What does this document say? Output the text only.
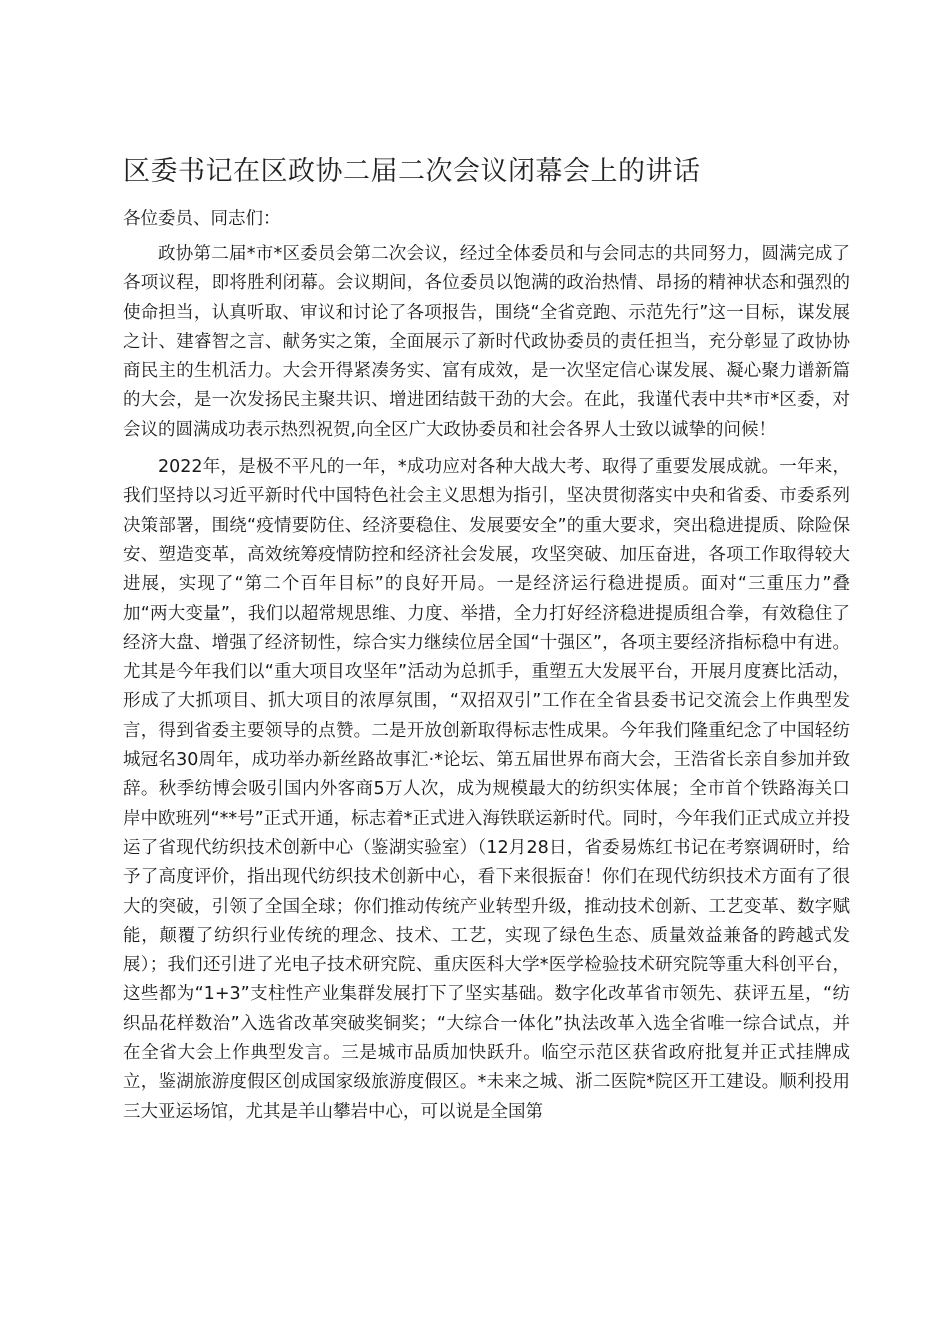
区委书记在区政协二届二次会议闭幕会上的讲话

各位委员、同志们：

政协第二届*市*区委员会第二次会议，经过全体委员和与会同志的共同努力，圆满完成了各项议程，即将胜利闭幕。会议期间，各位委员以饱满的政治热情、昂扬的精神状态和强烈的使命担当，认真听取、审议和讨论了各项报告，围绕“全省竞跑、示范先行”这一目标，谋发展之计、建睿智之言、献务实之策，全面展示了新时代政协委员的责任担当，充分彰显了政协协商民主的生机活力。大会开得紧凑务实、富有成效，是一次坚定信心谋发展、凝心聚力谱新篇的大会，是一次发扬民主聚共识、增进团结鼓干劲的大会。在此，我谨代表中共*市*区委，对会议的圆满成功表示热烈祝贺,向全区广大政协委员和社会各界人士致以诚挚的问候！

2022年，是极不平凡的一年，*成功应对各种大战大考、取得了重要发展成就。一年来，我们坚持以习近平新时代中国特色社会主义思想为指引，坚决贯彻落实中央和省委、市委系列决策部署，围绕“疫情要防住、经济要稳住、发展要安全”的重大要求，突出稳进提质、除险保安、塑造变革，高效统筹疫情防控和经济社会发展，攻坚突破、加压奋进，各项工作取得较大进展，实现了“第二个百年目标”的良好开局。一是经济运行稳进提质。面对“三重压力”叠加“两大变量”，我们以超常规思维、力度、举措，全力打好经济稳进提质组合拳，有效稳住了经济大盘、增强了经济韧性，综合实力继续位居全国“十强区”，各项主要经济指标稳中有进。尤其是今年我们以“重大项目攻坚年”活动为总抓手，重塑五大发展平台，开展月度赛比活动，形成了大抓项目、抓大项目的浓厚氛围，“双招双引”工作在全省县委书记交流会上作典型发言，得到省委主要领导的点赞。二是开放创新取得标志性成果。今年我们隆重纪念了中国轻纺城冠名30周年，成功举办新丝路故事汇·*论坛、第五届世界布商大会，王浩省长亲自参加并致辞。秋季纺博会吸引国内外客商5万人次，成为规模最大的纺织实体展；全市首个铁路海关口岸中欧班列“**号”正式开通，标志着*正式进入海铁联运新时代。同时，今年我们正式成立并投运了省现代纺织技术创新中心（鉴湖实验室）（12月28日，省委易炼红书记在考察调研时，给予了高度评价，指出现代纺织技术创新中心，看下来很振奋！你们在现代纺织技术方面有了很大的突破，引领了全国全球；你们推动传统产业转型升级，推动技术创新、工艺变革、数字赋能，颠覆了纺织行业传统的理念、技术、工艺，实现了绿色生态、质量效益兼备的跨越式发展）；我们还引进了光电子技术研究院、重庆医科大学*医学检验技术研究院等重大科创平台，这些都为“1+3”支柱性产业集群发展打下了坚实基础。数字化改革省市领先、获评五星，“纺织品花样数治”入选省改革突破奖铜奖；“大综合一体化”执法改革入选全省唯一综合试点，并在全省大会上作典型发言。三是城市品质加快跃升。临空示范区获省政府批复并正式挂牌成立，鉴湖旅游度假区创成国家级旅游度假区。*未来之城、浙二医院*院区开工建设。顺利投用三大亚运场馆，尤其是羊山攀岩中心，可以说是全国第
